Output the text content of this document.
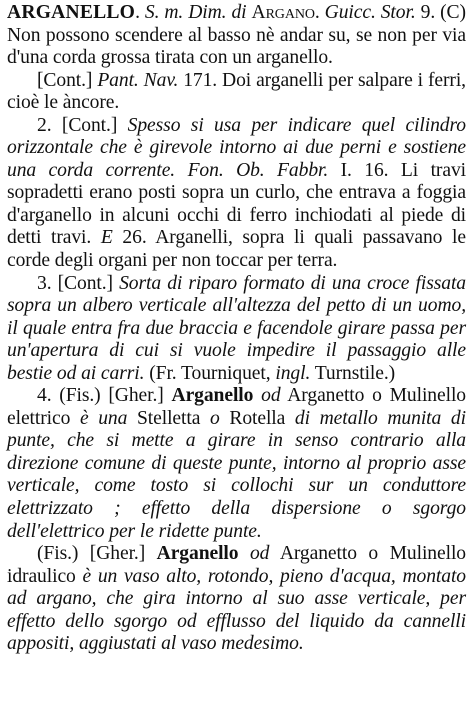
ARGANELLO. S. m. Dim. di Argano. Guicc. Stor. 9. (C) Non possono scendere al basso nè andar su, se non per via d'una corda grossa tirata con un arganello.

[Cont.] Pant. Nav. 171. Doi arganelli per salpare i ferri, cioè le àncore.

2. [Cont.] Spesso si usa per indicare quel cilindro orizzontale che è girevole intorno ai due perni e sostiene una corda corrente. Fon. Ob. Fabbr. I. 16. Li travi sopradetti erano posti sopra un curlo, che entrava a foggia d'arganello in alcuni occhi di ferro inchiodati al piede di detti travi. E 26. Arganelli, sopra li quali passavano le corde degli organi per non toccar per terra.

3. [Cont.] Sorta di riparo formato di una croce fissata sopra un albero verticale all'altezza del petto di un uomo, il quale entra fra due braccia e facendole girare passa per un'apertura di cui si vuole impedire il passaggio alle bestie od ai carri. (Fr. Tourniquet, ingl. Turnstile.)

4. (Fis.) [Gher.] Arganello od Arganetto o Mulinello elettrico è una Stelletta o Rotella di metallo munita di punte, che si mette a girare in senso contrario alla direzione comune di queste punte, intorno al proprio asse verticale, come tosto si collochi sur un conduttore elettrizzato ; effetto della dispersione o sgorgo dell'elettrico per le ridette punte.

(Fis.) [Gher.] Arganello od Arganetto o Mulinello idraulico è un vaso alto, rotondo, pieno d'acqua, montato ad argano, che gira intorno al suo asse verticale, per effetto dello sgorgo od efflusso del liquido da cannelli appositi, aggiustati al vaso medesimo.
